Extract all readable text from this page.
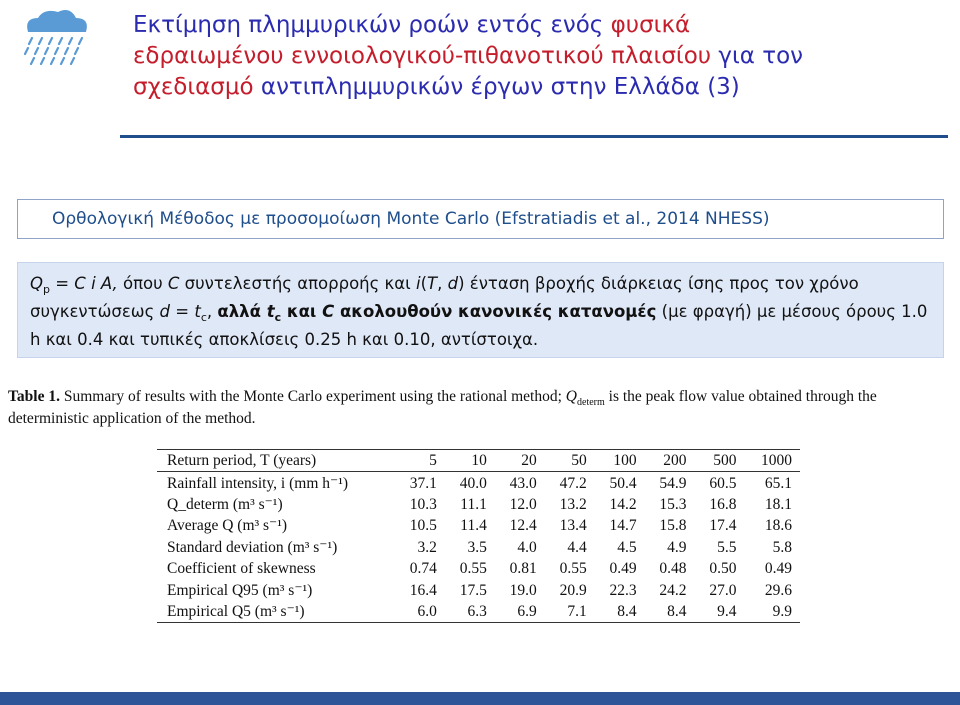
Εκτίμηση πλημμυρικών ροών εντός ενός φυσικά
εδραιωμένου εννοιολογικού-πιθανοτικού πλαισίου για τον
σχεδιασμό αντιπλημμυρικών έργων στην Ελλάδα (3)
Ορθολογική Μέθοδος με προσομοίωση Monte Carlo (Efstratiadis et al., 2014 NHESS)
$Q_p = C$ i A, όπου C συντελεστής απορροής και i(T, d) ένταση βροχής διάρκειας ίσης προς τον χρόνο συγκεντώσεως $d = t_c$, αλλά $t_c$ και C ακολουθούν κανονικές κατανομές (με φραγή) με μέσους όρους 1.0 h και 0.4 και τυπικές αποκλίσεις 0.25 h και 0.10, αντίστοιχα.
Table 1. Summary of results with the Monte Carlo experiment using the rational method; $Q_{determ}$ is the peak flow value obtained through the deterministic application of the method.
Return period, T (years)	5	10	20	50	100	200	500	1000
Rainfall intensity, i (mm h⁻¹)	37.1	40.0	43.0	47.2	50.4	54.9	60.5	65.1
Q_determ (m³ s⁻¹)	10.3	11.1	12.0	13.2	14.2	15.3	16.8	18.1
Average Q (m³ s⁻¹)	10.5	11.4	12.4	13.4	14.7	15.8	17.4	18.6
Standard deviation (m³ s⁻¹)	3.2	3.5	4.0	4.4	4.5	4.9	5.5	5.8
Coefficient of skewness	0.74	0.55	0.81	0.55	0.49	0.48	0.50	0.49
Empirical Q95 (m³ s⁻¹)	16.4	17.5	19.0	20.9	22.3	24.2	27.0	29.6
Empirical Q5 (m³ s⁻¹)	6.0	6.3	6.9	7.1	8.4	8.4	9.4	9.9
